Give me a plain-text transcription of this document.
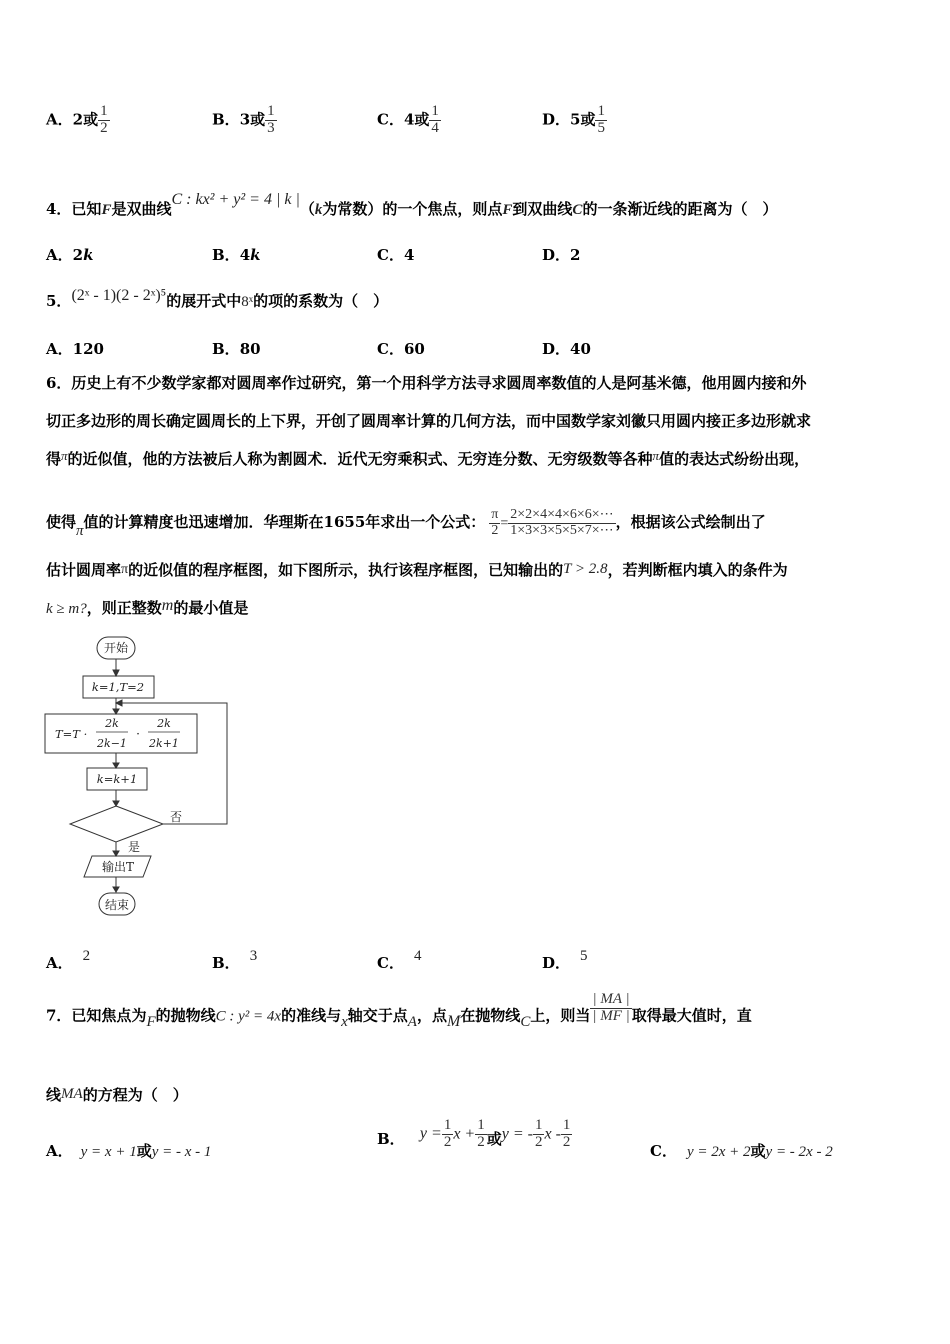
A．2或 $\frac{1}{2}$	B．3或 $\frac{1}{3}$	C．4或 $\frac{1}{4}$	D．5或 $\frac{1}{5}$
4．已知F是双曲线C : kx² + y² = 4 | k |（k为常数）的一个焦点，则点F到双曲线C的一条渐近线的距离为（　）
A．2k	B．4k	C．4	D．2
5．(2ˣ - 1)(2 - 2ˣ)⁵的展开式中8ˣ的项的系数为（　）
A．120	B．80	C．60	D．40
6．历史上有不少数学家都对圆周率作过研究，第一个用科学方法寻求圆周率数值的人是阿基米德，他用圆内接和外
切正多边形的周长确定圆周长的上下界，开创了圆周率计算的几何方法，而中国数学家刘徽只用圆内接正多边形就求
得π的近似值，他的方法被后人称为割圆术．近代无穷乘积式、无穷连分数、无穷级数等各种π值的表达式纷纷出现，
使得π值的计算精度也迅速增加．华理斯在1655年求出一个公式： $\frac{\pi}{2} = \frac{2\times 2\times 4\times 4\times 6\times 6\times\cdots}{1\times 3\times 3\times 5\times 5\times 7\times\cdots}$ ，根据该公式绘制出了
估计圆周率π的近似值的程序框图，如下图所示，执行该程序框图，已知输出的T > 2.8，若判断框内填入的条件为
k ≥ m?，则正整数m的最小值是
开始
k=1,T=2
T=T ·
2k
2k−1
·
2k
2k+1
k=k+1
否
是
输出T
结束
A． 2	B． 3	C． 4	D． 5
7．已知焦点为F的抛物线C : y² = 4x的准线与x轴交于点A，点M在抛物线C上，则当 $\frac{| MA |}{| MF |}$ 取得最大值时，直
线MA的方程为（　）
A． y = x + 1或y = - x - 1
B． $y = \frac{1}{2}$ $x + \frac{1}{2}$ 或y = - $\frac{1}{2}$ x - $\frac{1}{2}$
C． y = 2x + 2或y = - 2x - 2
